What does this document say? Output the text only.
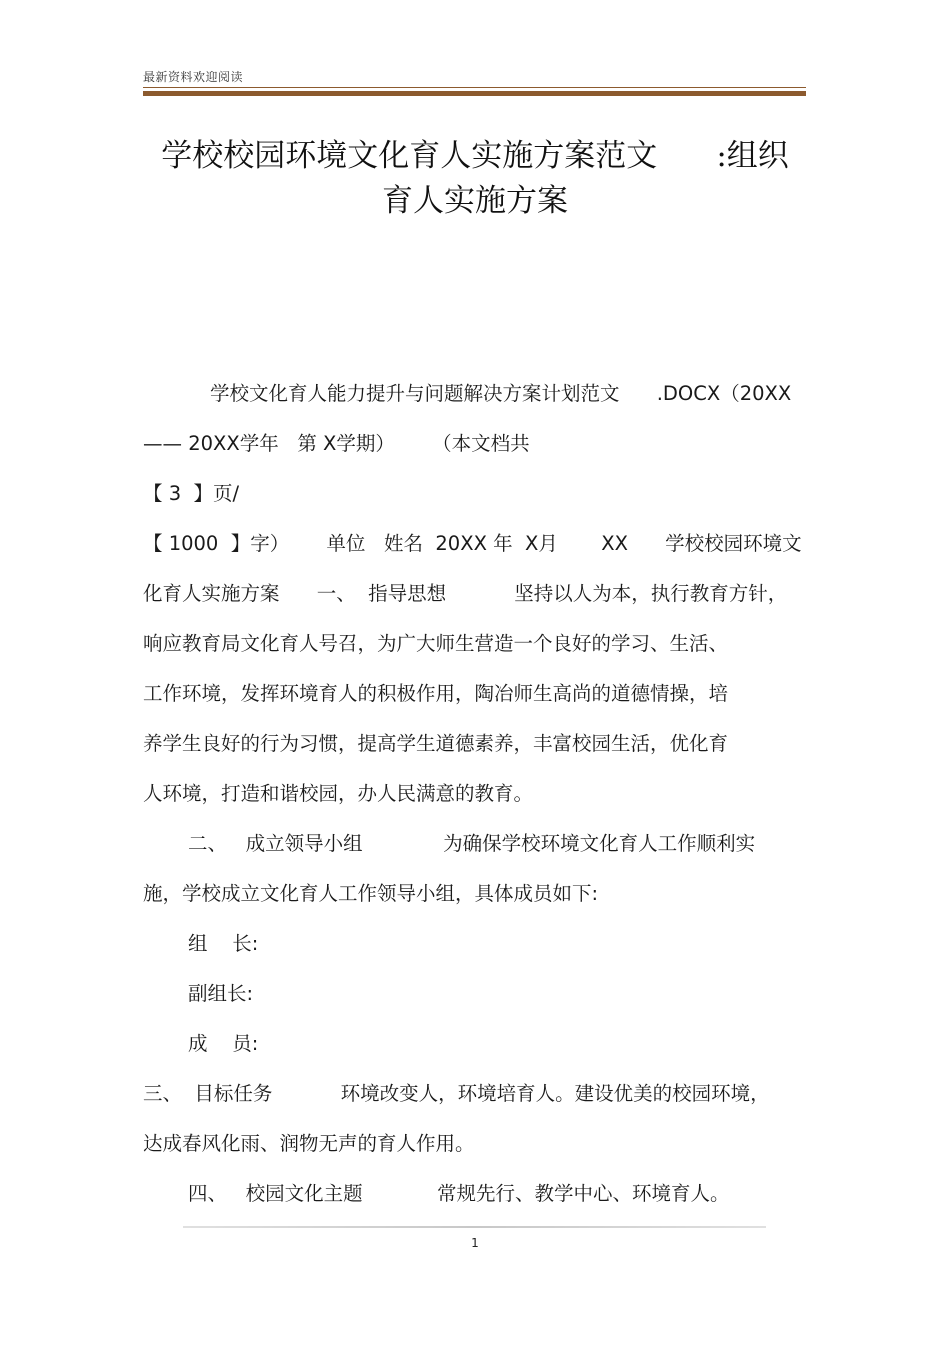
最新资料欢迎阅读
学校校园环境文化育人实施方案范文      :组织
育人实施方案
学校文化育人能力提升与问题解决方案计划范文      .DOCX（20XX
—— 20XX学年   第 X学期）      （本文档共
【 3  】页/
【 1000  】字）      单位   姓名  20XX 年  X月       XX      学校校园环境文
化育人实施方案      一、  指导思想           坚持以人为本，执行教育方针，
响应教育局文化育人号召，为广大师生营造一个良好的学习、生活、
工作环境，发挥环境育人的积极作用，陶冶师生高尚的道德情操，培
养学生良好的行为习惯，提高学生道德素养，丰富校园生活，优化育
人环境，打造和谐校园，办人民满意的教育。
二、   成立领导小组             为确保学校环境文化育人工作顺利实
施，学校成立文化育人工作领导小组，具体成员如下:
组    长:
副组长:
成    员:
三、  目标任务           环境改变人，环境培育人。建设优美的校园环境，
达成春风化雨、润物无声的育人作用。
四、   校园文化主题            常规先行、教学中心、环境育人。
1
